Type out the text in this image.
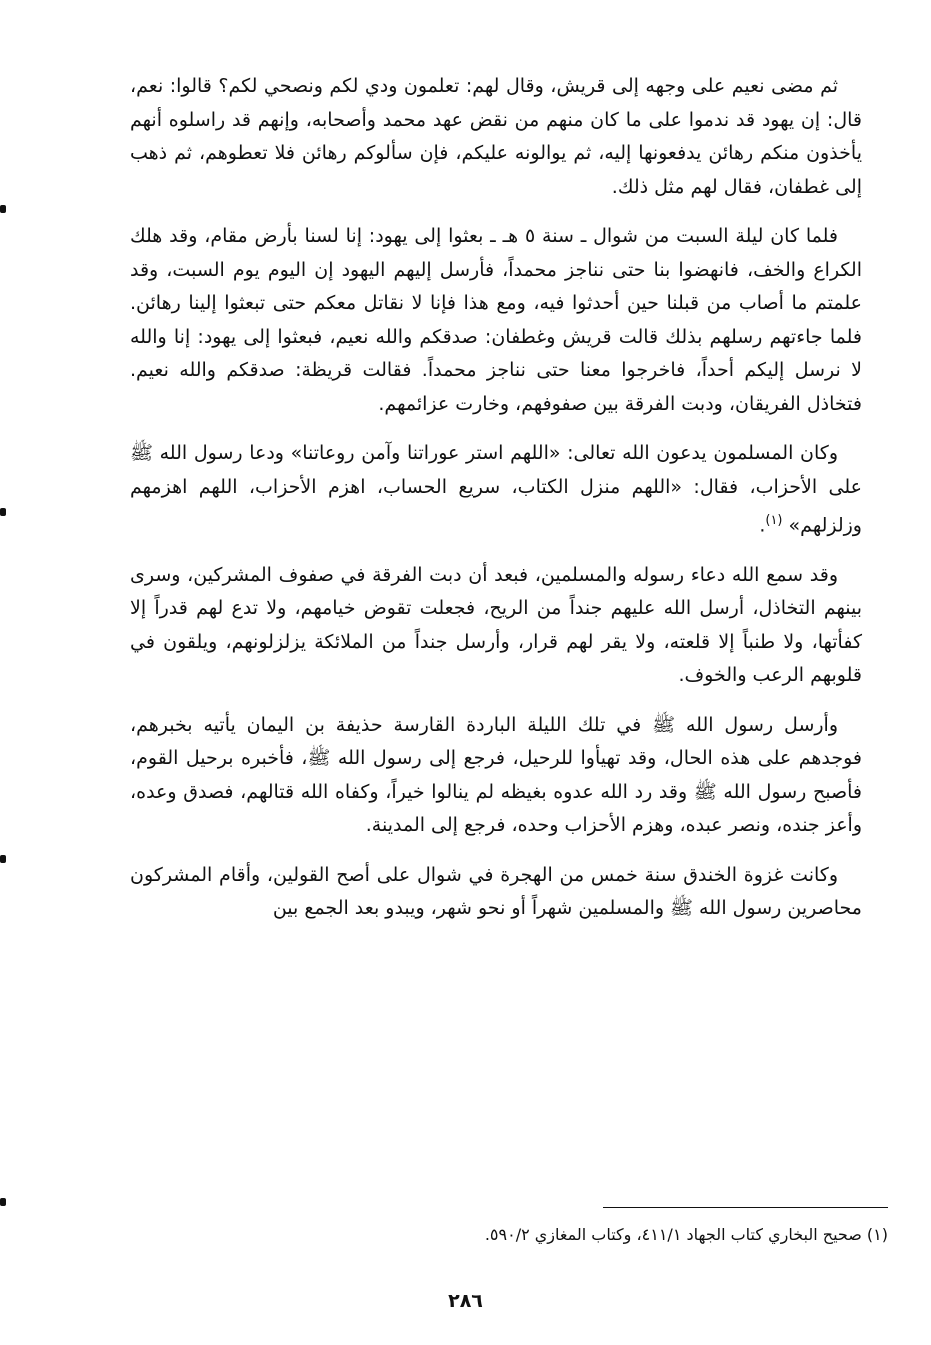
ثم مضى نعيم على وجهه إلى قريش، وقال لهم: تعلمون ودي لكم ونصحي لكم؟ قالوا: نعم، قال: إن يهود قد ندموا على ما كان منهم من نقض عهد محمد وأصحابه، وإنهم قد راسلوه أنهم يأخذون منكم رهائن يدفعونها إليه، ثم يوالونه عليكم، فإن سألوكم رهائن فلا تعطوهم، ثم ذهب إلى غطفان، فقال لهم مثل ذلك.

فلما كان ليلة السبت من شوال ـ سنة ٥ هـ ـ بعثوا إلى يهود: إنا لسنا بأرض مقام، وقد هلك الكراع والخف، فانهضوا بنا حتى نناجز محمداً، فأرسل إليهم اليهود إن اليوم يوم السبت، وقد علمتم ما أصاب من قبلنا حين أحدثوا فيه، ومع هذا فإنا لا نقاتل معكم حتى تبعثوا إلينا رهائن. فلما جاءتهم رسلهم بذلك قالت قريش وغطفان: صدقكم والله نعيم، فبعثوا إلى يهود: إنا والله لا نرسل إليكم أحداً، فاخرجوا معنا حتى نناجز محمداً. فقالت قريظة: صدقكم والله نعيم. فتخاذل الفريقان، ودبت الفرقة بين صفوفهم، وخارت عزائمهم.

وكان المسلمون يدعون الله تعالى: «اللهم استر عوراتنا وآمن روعاتنا» ودعا رسول الله ﷺ على الأحزاب، فقال: «اللهم منزل الكتاب، سريع الحساب، اهزم الأحزاب، اللهم اهزمهم وزلزلهم» $^{(١)}$.

وقد سمع الله دعاء رسوله والمسلمين، فبعد أن دبت الفرقة في صفوف المشركين، وسرى بينهم التخاذل، أرسل الله عليهم جنداً من الريح، فجعلت تقوض خيامهم، ولا تدع لهم قدراً إلا كفأتها، ولا طنباً إلا قلعته، ولا يقر لهم قرار، وأرسل جنداً من الملائكة يزلزلونهم، ويلقون في قلوبهم الرعب والخوف.

وأرسل رسول الله ﷺ في تلك الليلة الباردة القارسة حذيفة بن اليمان يأتيه بخبرهم، فوجدهم على هذه الحال، وقد تهيأوا للرحيل، فرجع إلى رسول الله ﷺ، فأخبره برحيل القوم، فأصبح رسول الله ﷺ وقد رد الله عدوه بغيظه لم ينالوا خيراً، وكفاه الله قتالهم، فصدق وعده، وأعز جنده، ونصر عبده، وهزم الأحزاب وحده، فرجع إلى المدينة.

وكانت غزوة الخندق سنة خمس من الهجرة في شوال على أصح القولين، وأقام المشركون محاصرين رسول الله ﷺ والمسلمين شهراً أو نحو شهر، ويبدو بعد الجمع بين

(١) صحيح البخاري كتاب الجهاد ٤١١/١، وكتاب المغازي ٥٩٠/٢.
٢٨٦
